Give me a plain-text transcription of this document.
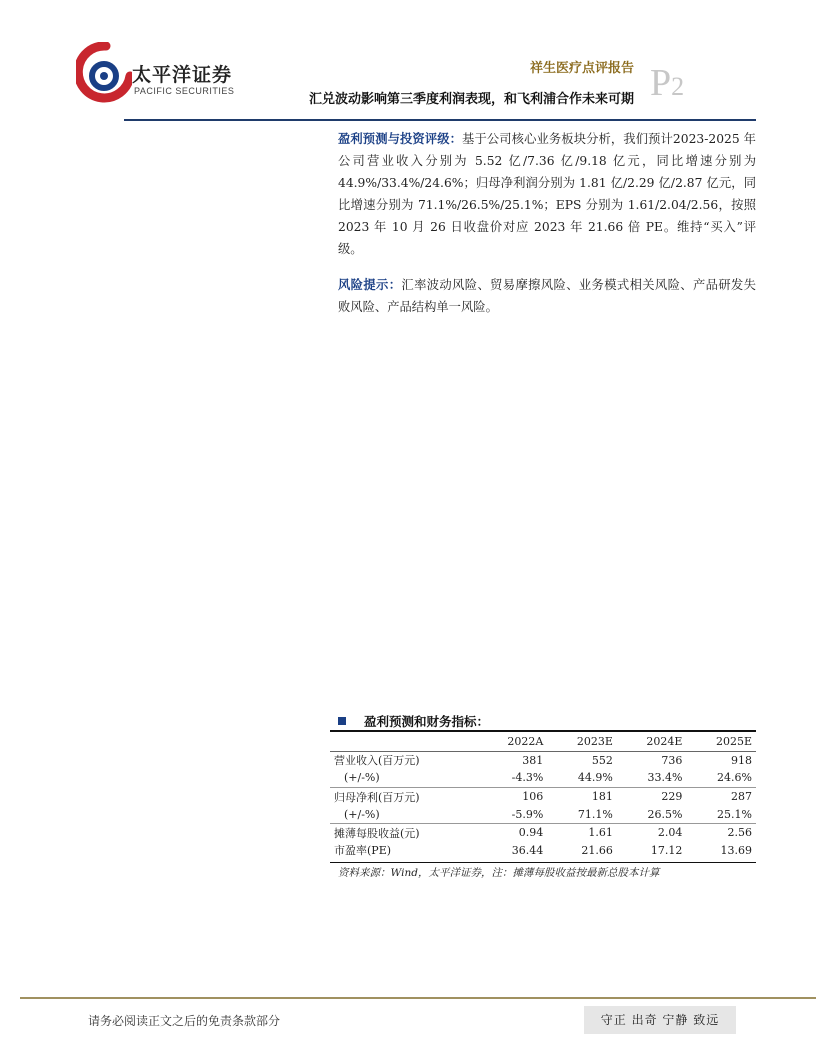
太平洋证券
PACIFIC SECURITIES
祥生医疗点评报告
汇兑波动影响第三季度利润表现，和飞利浦合作未来可期 P2
盈利预测与投资评级：基于公司核心业务板块分析，我们预计2023-2025 年公司营业收入分别为 5.52 亿/7.36 亿/9.18 亿元，同比增速分别为 44.9%/33.4%/24.6%；归母净利润分别为 1.81 亿/2.29 亿/2.87 亿元，同比增速分别为 71.1%/26.5%/25.1%；EPS 分别为 1.61/2.04/2.56，按照 2023 年 10 月 26 日收盘价对应 2023 年 21.66 倍 PE。维持“买入”评级。
风险提示：汇率波动风险、贸易摩擦风险、业务模式相关风险、产品研发失败风险、产品结构单一风险。
盈利预测和财务指标：
	2022A	2023E	2024E	2025E
营业收入(百万元)	381	552	736	918
(+/-%)	-4.3%	44.9%	33.4%	24.6%
归母净利(百万元)	106	181	229	287
(+/-%)	-5.9%	71.1%	26.5%	25.1%
摊薄每股收益(元)	0.94	1.61	2.04	2.56
市盈率(PE)	36.44	21.66	17.12	13.69
资料来源：Wind，太平洋证券，注：摊薄每股收益按最新总股本计算
请务必阅读正文之后的免责条款部分	守正 出奇 宁静 致远
